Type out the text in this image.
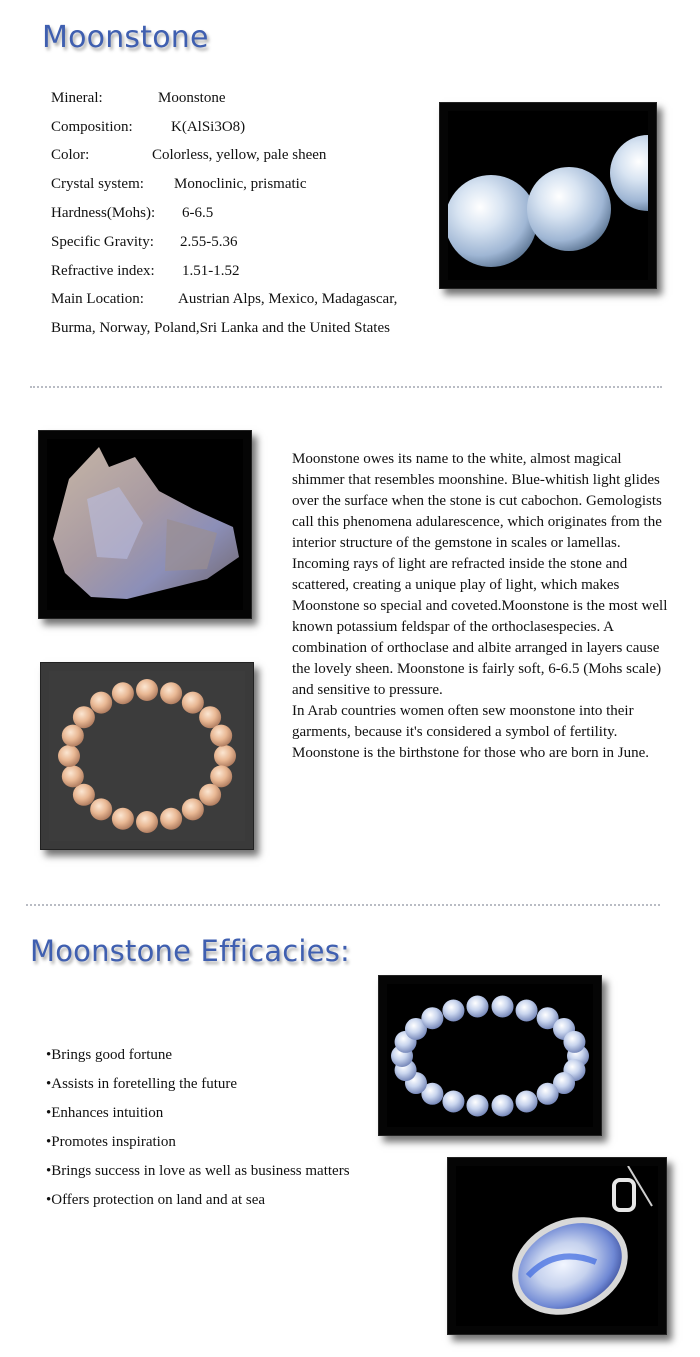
Moonstone
Mineral:	Moonstone
Composition:	K(AlSi3O8)
Color:	Colorless, yellow, pale sheen
Crystal system: Monoclinic, prismatic
Hardness(Mohs): 6-6.5
Specific Gravity: 2.55-5.36
Refractive index: 1.51-1.52
Main Location: Austrian Alps, Mexico, Madagascar,
Burma, Norway, Poland,Sri Lanka and the United States

Moonstone owes its name to the white, almost magical shimmer that resembles moonshine. Blue-whitish light glides over the surface when the stone is cut cabochon. Gemologists call this phenomena adularescence, which originates from the interior structure of the gemstone in scales or lamellas. Incoming rays of light are refracted inside the stone and scattered, creating a unique play of light, which makes Moonstone so special and coveted.Moonstone is the most well known potassium feldspar of the orthoclasespecies. A combination of orthoclase and albite arranged in layers cause the lovely sheen. Moonstone is fairly soft, 6-6.5 (Mohs scale) and sensitive to pressure.

In Arab countries women often sew moonstone into their garments, because it's considered a symbol of fertility.

Moonstone is the birthstone for those who are born in June.

Moonstone Efficacies:
•Brings good fortune
•Assists in foretelling the future
•Enhances intuition
•Promotes inspiration
•Brings success in love as well as business matters
•Offers protection on land and at sea
